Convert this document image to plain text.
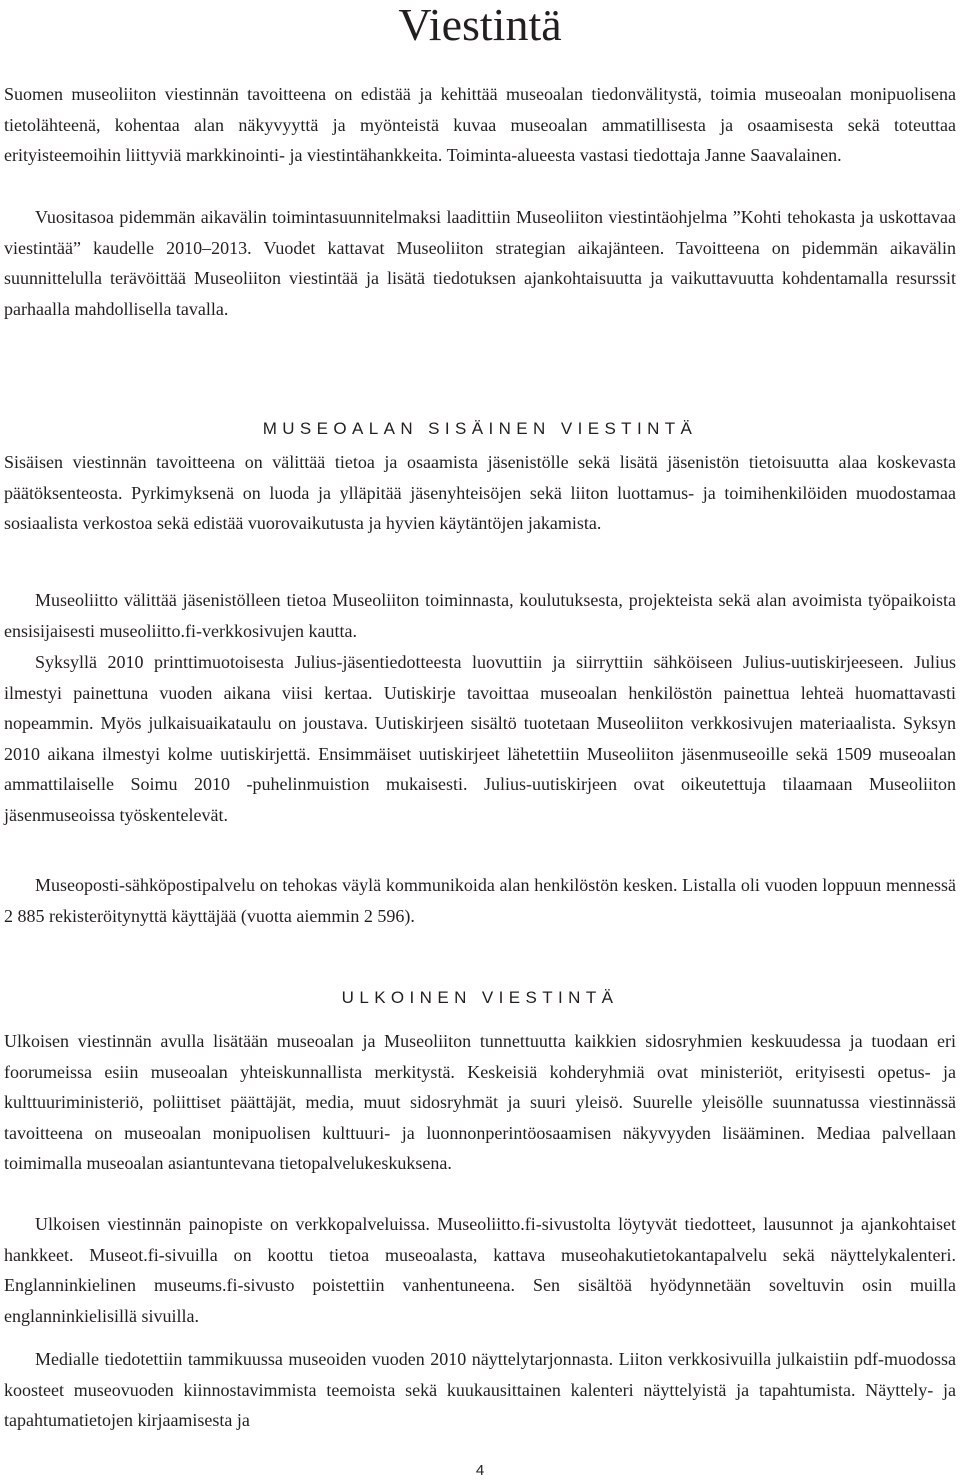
Viestintä

Suomen museoliiton viestinnän tavoitteena on edistää ja kehittää museoalan tiedonvälitystä, toimia museoalan monipuolisena tietolähteenä, kohentaa alan näkyvyyttä ja myönteistä kuvaa museoalan ammatillisesta ja osaamisesta sekä toteuttaa erityisteemoihin liittyviä markkinointi- ja viestintähankkeita. Toiminta-alueesta vastasi tiedottaja Janne Saavalainen.

Vuositasoa pidemmän aikavälin toimintasuunnitelmaksi laadittiin Museoliiton viestintäohjelma ”Kohti tehokasta ja uskottavaa viestintää” kaudelle 2010–2013. Vuodet kattavat Museoliiton strategian aikajänteen. Tavoitteena on pidemmän aikavälin suunnittelulla terävöittää Museoliiton viestintää ja lisätä tiedotuksen ajankohtaisuutta ja vaikuttavuutta kohdentamalla resurssit parhaalla mahdollisella tavalla.

MUSEOALAN SISÄINEN VIESTINTÄ

Sisäisen viestinnän tavoitteena on välittää tietoa ja osaamista jäsenistölle sekä lisätä jäsenistön tietoisuutta alaa koskevasta päätöksenteosta. Pyrkimyksenä on luoda ja ylläpitää jäsenyhteisöjen sekä liiton luottamus- ja toimihenkilöiden muodostamaa sosiaalista verkostoa sekä edistää vuorovaikutusta ja hyvien käytäntöjen jakamista.

Museoliitto välittää jäsenistölleen tietoa Museoliiton toiminnasta, koulutuksesta, projekteista sekä alan avoimista työpaikoista ensisijaisesti museoliitto.fi-verkkosivujen kautta.

Syksyllä 2010 printtimuotoisesta Julius-jäsentiedotteesta luovuttiin ja siirryttiin sähköiseen Julius-uutiskirjeeseen. Julius ilmestyi painettuna vuoden aikana viisi kertaa. Uutiskirje tavoittaa museoalan henkilöstön painettua lehteä huomattavasti nopeammin. Myös julkaisuaikataulu on joustava. Uutiskirjeen sisältö tuotetaan Museoliiton verkkosivujen materiaalista. Syksyn 2010 aikana ilmestyi kolme uutiskirjettä. Ensimmäiset uutiskirjeet lähetettiin Museoliiton jäsenmuseoille sekä 1509 museoalan ammattilaiselle Soimu 2010 -puhelinmuistion mukaisesti. Julius-uutiskirjeen ovat oikeutettuja tilaamaan Museoliiton jäsenmuseoissa työskentelevät.

Museoposti-sähköpostipalvelu on tehokas väylä kommunikoida alan henkilöstön kesken. Listalla oli vuoden loppuun mennessä 2 885 rekisteröitynyttä käyttäjää (vuotta aiemmin 2 596).

ULKOINEN VIESTINTÄ

Ulkoisen viestinnän avulla lisätään museoalan ja Museoliiton tunnettuutta kaikkien sidosryhmien keskuudessa ja tuodaan eri foorumeissa esiin museoalan yhteiskunnallista merkitystä. Keskeisiä kohderyhmiä ovat ministeriöt, erityisesti opetus- ja kulttuuriministeriö, poliittiset päättäjät, media, muut sidosryhmät ja suuri yleisö. Suurelle yleisölle suunnatussa viestinnässä tavoitteena on museoalan monipuolisen kulttuuri- ja luonnonperintöosaamisen näkyvyyden lisääminen. Mediaa palvellaan toimimalla museoalan asiantuntevana tietopalvelukeskuksena.

Ulkoisen viestinnän painopiste on verkkopalveluissa. Museoliitto.fi-sivustolta löytyvät tiedotteet, lausunnot ja ajankohtaiset hankkeet. Museot.fi-sivuilla on koottu tietoa museoalasta, kattava museohakutietokantapalvelu sekä näyttelykalenteri. Englanninkielinen museums.fi-sivusto poistettiin vanhentuneena. Sen sisältöä hyödynnetään soveltuvin osin muilla englanninkielisillä sivuilla.

Medialle tiedotettiin tammikuussa museoiden vuoden 2010 näyttelytarjonnasta. Liiton verkkosivuilla julkaistiin pdf-muodossa koosteet museovuoden kiinnostavimmista teemoista sekä kuukausittainen kalenteri näyttelyistä ja tapahtumista. Näyttely- ja tapahtumatietojen kirjaamisesta ja

4
